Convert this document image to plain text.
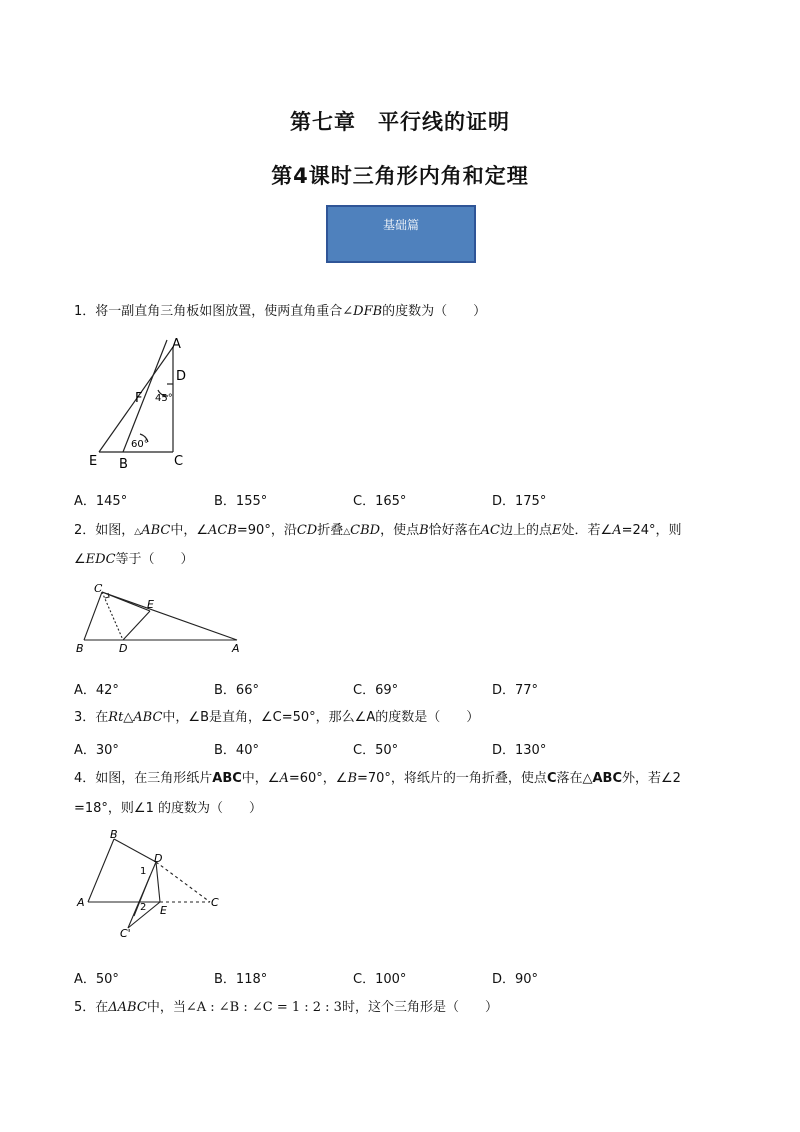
第七章　平行线的证明
第4课时三角形内角和定理
基础篇
1．将一副直角三角板如图放置，使两直角重合∠DFB的度数为（　　）
A
D
F 45°
60°
E B	C
A．145°	B．155°	C．165°	D．175°
2．如图，△ABC中，∠ACB=90°，沿CD折叠△CBD，使点B恰好落在AC边上的点E处．若∠A=24°，则
∠EDC等于（　　）
C
E
B	D	A
A．42°	B．66°	C．69°	D．77°
3．在Rt△ABC中，∠B是直角，∠C=50°，那么∠A的度数是（　　）
A．30°	B．40°	C．50°	D．130°
4．如图，在三角形纸片ABC中，∠A=60°，∠B=70°，将纸片的一角折叠，使点C落在△ABC外，若∠2
=18°，则∠1 的度数为（　　）
B
D
1
A	2 E
C
C'
A．50°	B．118°	C．100°	D．90°
5．在ΔABC中，当∠A : ∠B : ∠C = 1 : 2 : 3时，这个三角形是（　　）
